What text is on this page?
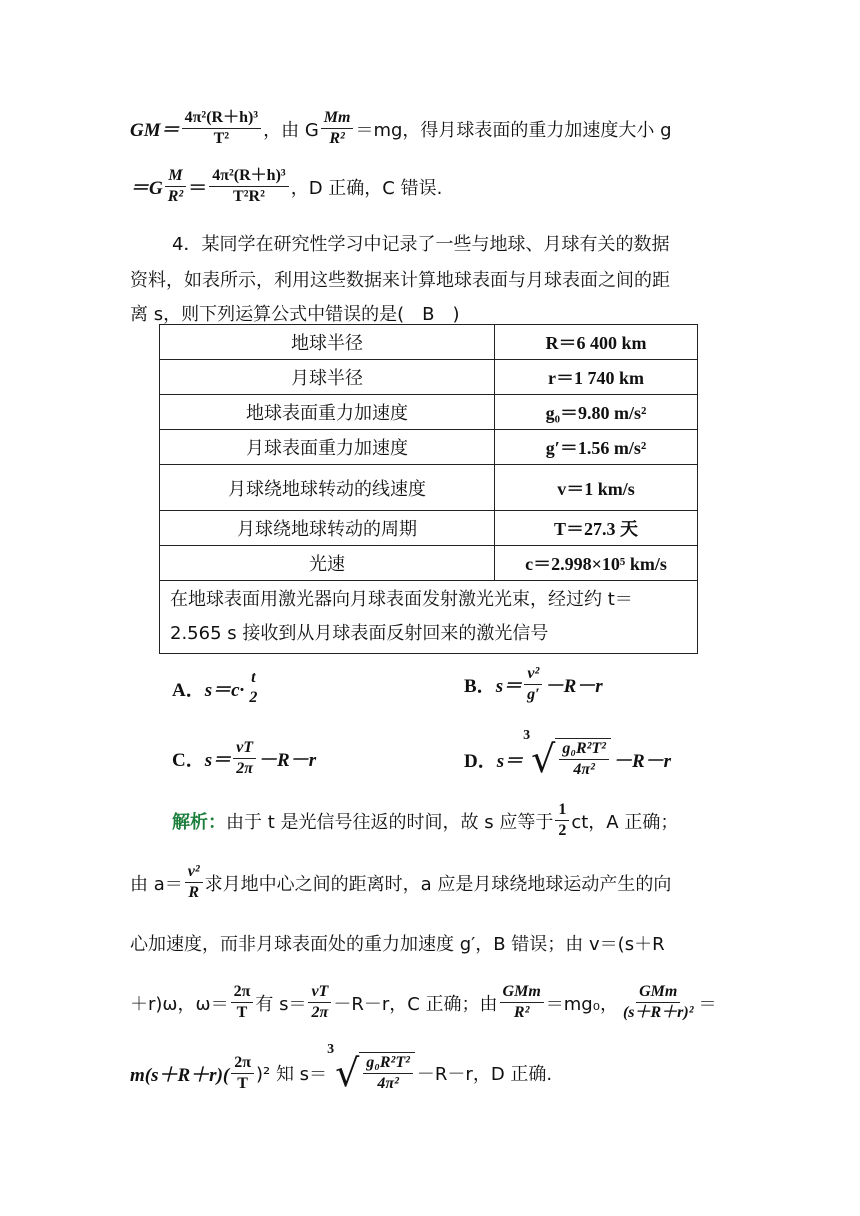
$GM= \frac{\text{4π²(R＋h)³}}{\text{T²}}$ ，由 G $\frac{Mm}{\text{R²}} =mg$，得月球表面的重力加速度大小 g
$=G \frac{M}{\text{R²}} = \frac{\text{4π²(R＋h)³}}{\text{T²R²}}$ ，D 正确，C 错误.
4．某同学在研究性学习中记录了一些与地球、月球有关的数据
资料，如表所示，利用这些数据来计算地球表面与月球表面之间的距
离 s，则下列运算公式中错误的是(　B　)
地球半径	R＝6 400 km
月球半径	r＝1 740 km
地球表面重力加速度	g₀＝9.80 m/s²
月球表面重力加速度	g′＝1.56 m/s²
月球绕地球转动的线速度	v＝1 km/s
月球绕地球转动的周期	T＝27.3 天
光速	c＝2.998×10⁵ km/s

在地球表面用激光器向月球表面发射激光光束，经过约 t＝
2.565 s 接收到从月球表面反射回来的激光信号	
A． s＝c·
t
2
B． $s= \frac{\text{v²}}{g'} -R-r$
C． $s= \frac{vT}{2\pi} -R-r$	D． s＝
3
√ $\frac{\text{g₀R²T²}}{\text{4π²}} -R-r$
解析： 由于 t 是光信号往返的时间，故 s 应等于 $\frac{1}{2}$ ct，A 正确；
由 $a= \frac{\text{v²}}{R}$ 求月地中心之间的距离时，a 应是月球绕地球运动产生的向
心加速度，而非月球表面处的重力加速度 g′，B 错误；由 v＝(s＋R
＋r)ω，$\omega= \frac{2\pi}{T}$ 有 $s= \frac{vT}{2\pi} -R-r$，C 正确；由 $\frac{\text{GMm}}{\text{R²}} =mg_0$， $\frac{\text{GMm}}{\text{(s＋R＋r)²}}$ ＝
$m(s+R+r)( \frac{2\pi}{T} )^2$ 知 s＝
3
√ $\frac{\text{g₀R²T²}}{\text{4π²}} -R-r$，D 正确.
